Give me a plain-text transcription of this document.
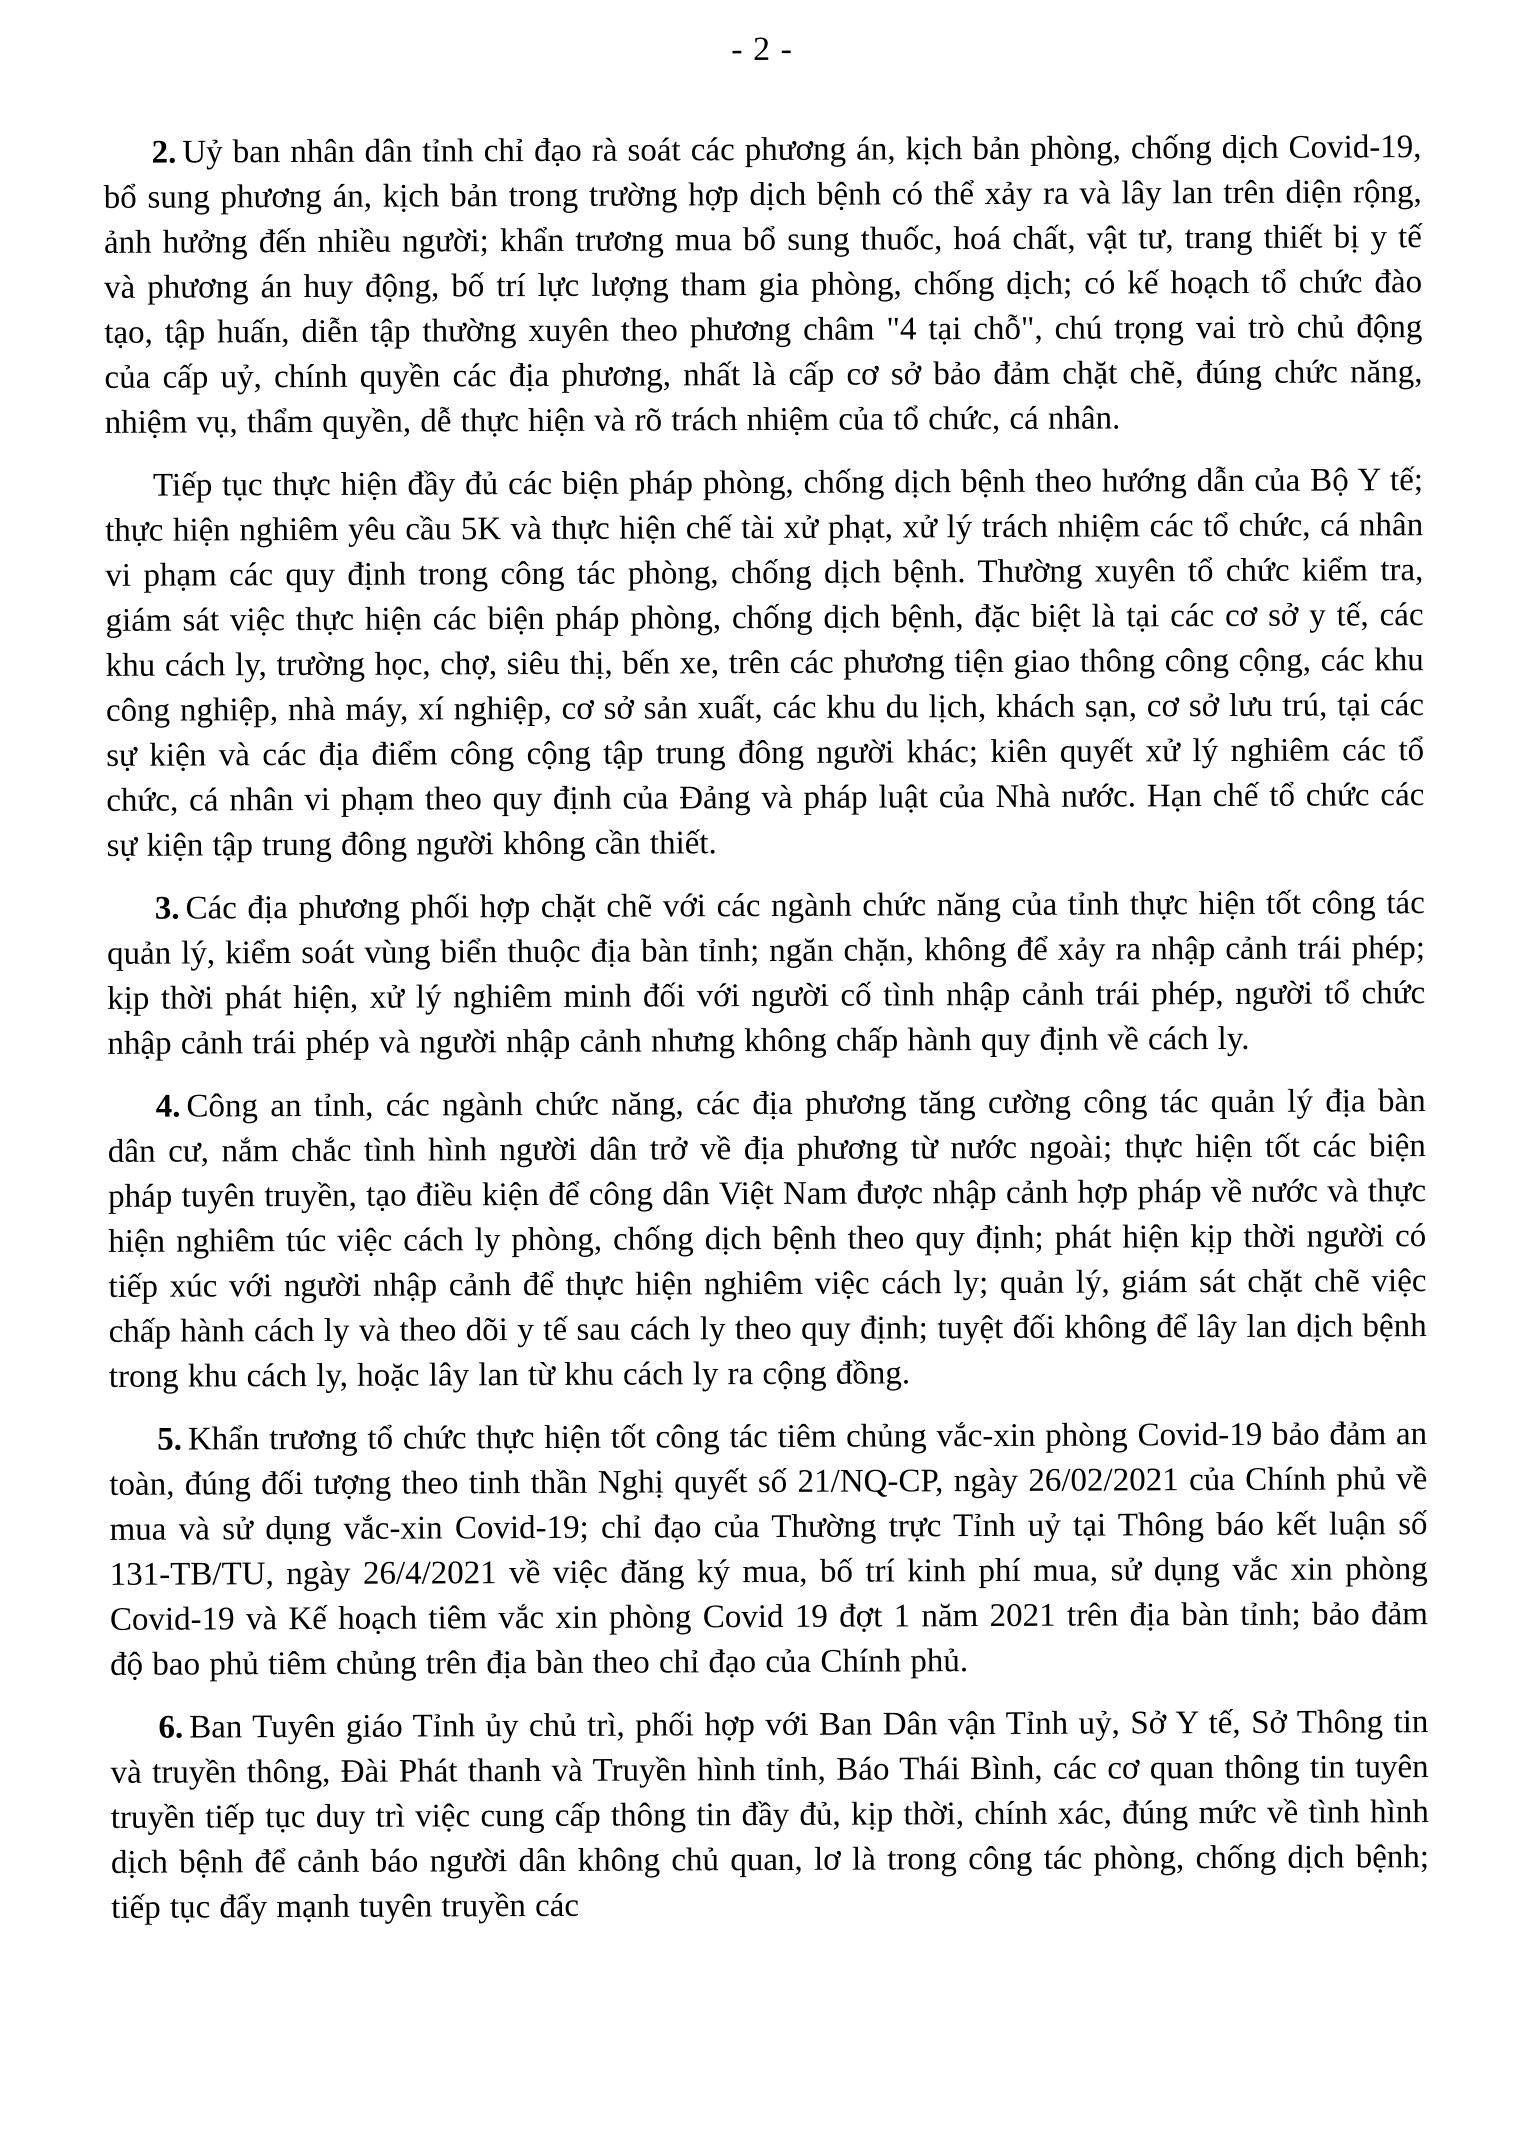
- 2 -

2. Uỷ ban nhân dân tỉnh chỉ đạo rà soát các phương án, kịch bản phòng, chống dịch Covid-19, bổ sung phương án, kịch bản trong trường hợp dịch bệnh có thể xảy ra và lây lan trên diện rộng, ảnh hưởng đến nhiều người; khẩn trương mua bổ sung thuốc, hoá chất, vật tư, trang thiết bị y tế và phương án huy động, bố trí lực lượng tham gia phòng, chống dịch; có kế hoạch tổ chức đào tạo, tập huấn, diễn tập thường xuyên theo phương châm "4 tại chỗ", chú trọng vai trò chủ động của cấp uỷ, chính quyền các địa phương, nhất là cấp cơ sở bảo đảm chặt chẽ, đúng chức năng, nhiệm vụ, thẩm quyền, dễ thực hiện và rõ trách nhiệm của tổ chức, cá nhân.

Tiếp tục thực hiện đầy đủ các biện pháp phòng, chống dịch bệnh theo hướng dẫn của Bộ Y tế; thực hiện nghiêm yêu cầu 5K và thực hiện chế tài xử phạt, xử lý trách nhiệm các tổ chức, cá nhân vi phạm các quy định trong công tác phòng, chống dịch bệnh. Thường xuyên tổ chức kiểm tra, giám sát việc thực hiện các biện pháp phòng, chống dịch bệnh, đặc biệt là tại các cơ sở y tế, các khu cách ly, trường học, chợ, siêu thị, bến xe, trên các phương tiện giao thông công cộng, các khu công nghiệp, nhà máy, xí nghiệp, cơ sở sản xuất, các khu du lịch, khách sạn, cơ sở lưu trú, tại các sự kiện và các địa điểm công cộng tập trung đông người khác; kiên quyết xử lý nghiêm các tổ chức, cá nhân vi phạm theo quy định của Đảng và pháp luật của Nhà nước. Hạn chế tổ chức các sự kiện tập trung đông người không cần thiết.

3. Các địa phương phối hợp chặt chẽ với các ngành chức năng của tỉnh thực hiện tốt công tác quản lý, kiểm soát vùng biển thuộc địa bàn tỉnh; ngăn chặn, không để xảy ra nhập cảnh trái phép; kịp thời phát hiện, xử lý nghiêm minh đối với người cố tình nhập cảnh trái phép, người tổ chức nhập cảnh trái phép và người nhập cảnh nhưng không chấp hành quy định về cách ly.

4. Công an tỉnh, các ngành chức năng, các địa phương tăng cường công tác quản lý địa bàn dân cư, nắm chắc tình hình người dân trở về địa phương từ nước ngoài; thực hiện tốt các biện pháp tuyên truyền, tạo điều kiện để công dân Việt Nam được nhập cảnh hợp pháp về nước và thực hiện nghiêm túc việc cách ly phòng, chống dịch bệnh theo quy định; phát hiện kịp thời người có tiếp xúc với người nhập cảnh để thực hiện nghiêm việc cách ly; quản lý, giám sát chặt chẽ việc chấp hành cách ly và theo dõi y tế sau cách ly theo quy định; tuyệt đối không để lây lan dịch bệnh trong khu cách ly, hoặc lây lan từ khu cách ly ra cộng đồng.

5. Khẩn trương tổ chức thực hiện tốt công tác tiêm chủng vắc-xin phòng Covid-19 bảo đảm an toàn, đúng đối tượng theo tinh thần Nghị quyết số 21/NQ-CP, ngày 26/02/2021 của Chính phủ về mua và sử dụng vắc-xin Covid-19; chỉ đạo của Thường trực Tỉnh uỷ tại Thông báo kết luận số 131-TB/TU, ngày 26/4/2021 về việc đăng ký mua, bố trí kinh phí mua, sử dụng vắc xin phòng Covid-19 và Kế hoạch tiêm vắc xin phòng Covid 19 đợt 1 năm 2021 trên địa bàn tỉnh; bảo đảm độ bao phủ tiêm chủng trên địa bàn theo chỉ đạo của Chính phủ.

6. Ban Tuyên giáo Tỉnh ủy chủ trì, phối hợp với Ban Dân vận Tỉnh uỷ, Sở Y tế, Sở Thông tin và truyền thông, Đài Phát thanh và Truyền hình tỉnh, Báo Thái Bình, các cơ quan thông tin tuyên truyền tiếp tục duy trì việc cung cấp thông tin đầy đủ, kịp thời, chính xác, đúng mức về tình hình dịch bệnh để cảnh báo người dân không chủ quan, lơ là trong công tác phòng, chống dịch bệnh; tiếp tục đẩy mạnh tuyên truyền các
